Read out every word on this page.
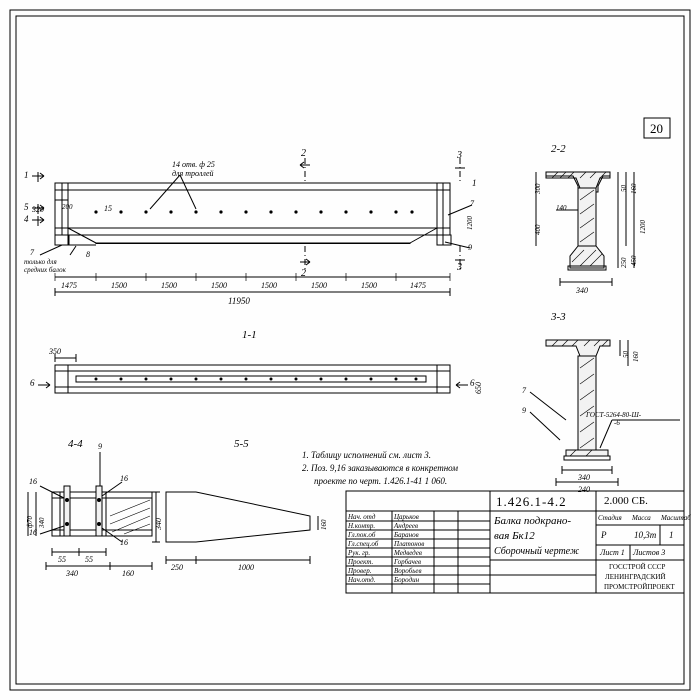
20
14 отв. ф 25
для троллей
2
2
3
3
1
5
4
1
320	200	15
1200
7	8
7
9
только для
средних балок
1475	1500	1500	1500	1500	1500	1500	1475
11950
1-1
350
650
6	6
2-2
300
400
140
50 160
1200
250 450
340
3-3
50 160
7
9	ГОСТ-5264-80-Ш-
-6
340
240
4-4 9
16	16
16
16
ф70 340
55 55
340	160
5-5
340	160
250	1000
1. Таблицу исполнений см. лист 3.
2. Поз. 9,16 заказываются в конкретном
проекте по черт. 1.426.1-41 1 060.
1.426.1-4.2	2.000 СБ.
Балка подкрано-
вая Бк12
Сборочный чертеж
Стадия Масса Масштаб
Р	10,3т 1
Лист 1 Листов 3
ГОССТРОЙ СССР
ЛЕНИНГРАДСКИЙ
ПРОМСТРОЙПРОЕКТ
Нач. отд	Царьков
Н.контр.	Андреев
Гл.пок.об	Баранов
Гл.спец.об Платонов
Рук. гр.	Медведев
Проект.	Горбачев
Провер.	Воробьев
Нач.отд.	Бородин
